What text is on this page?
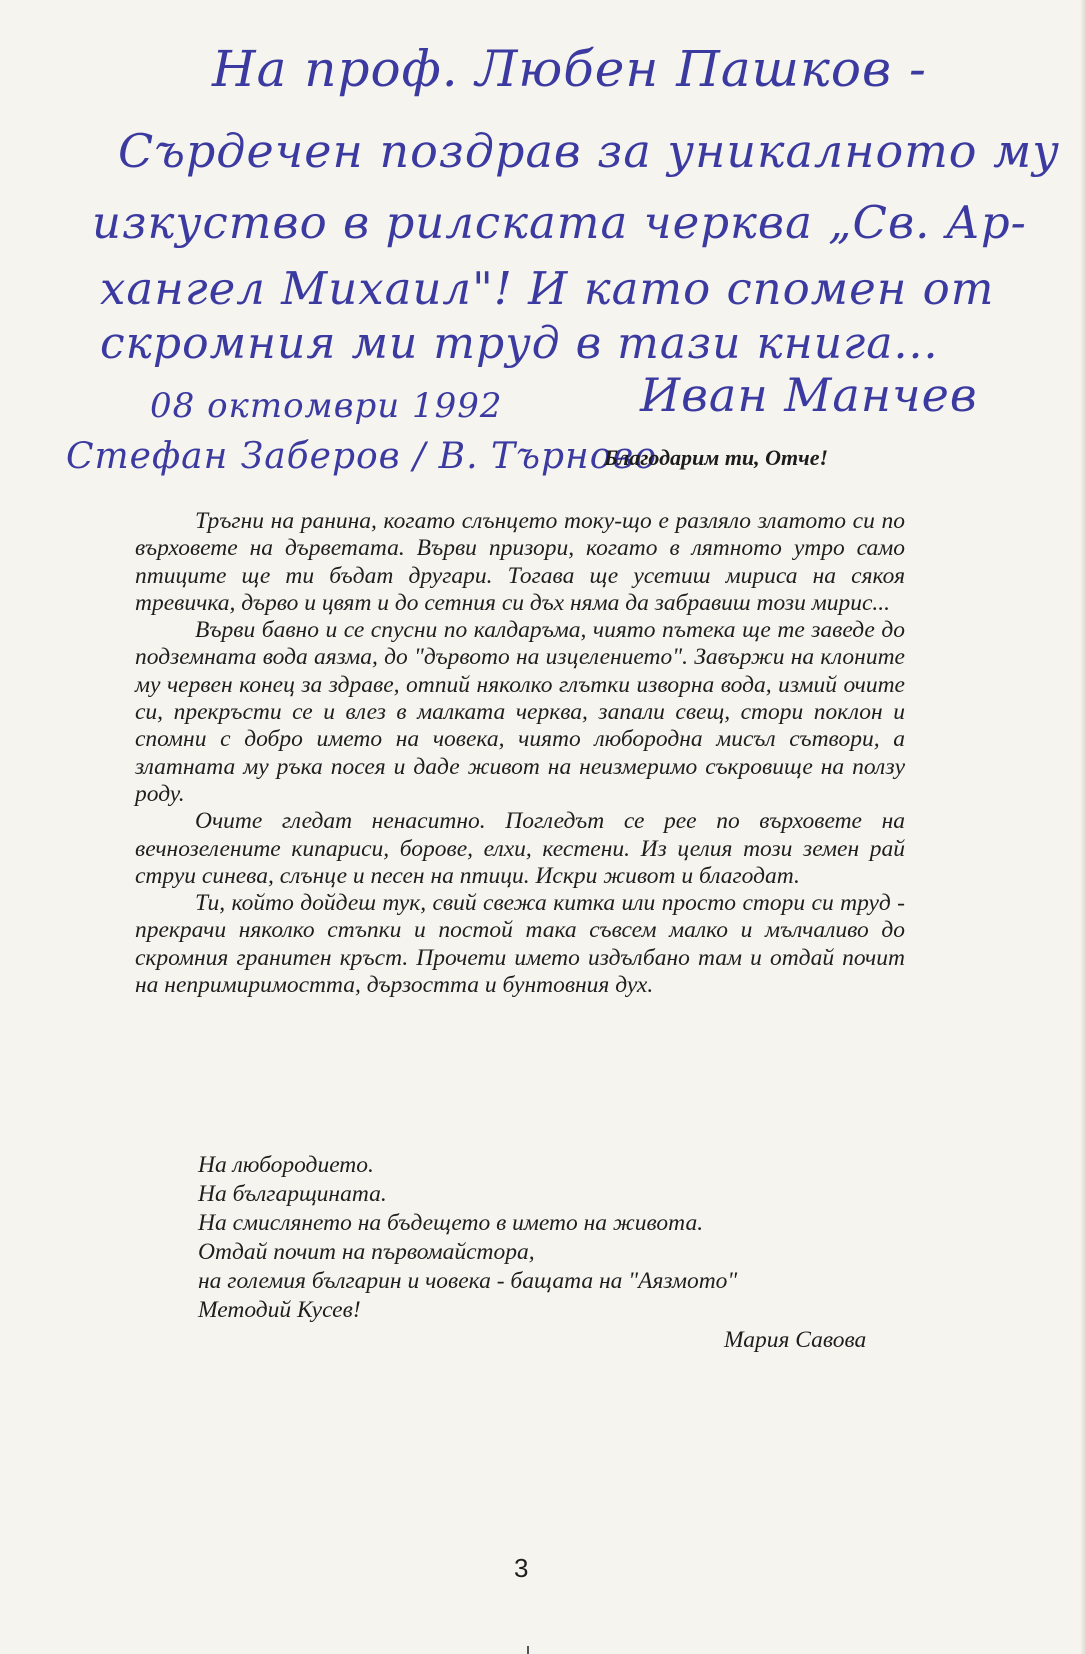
На проф. Любен Пашков -
Сърдечен поздрав за уникалното му
изкуство в рилската черква „Св. Ар-
хангел Михаил"! И като спомен от
скромния ми труд в тази книга...
Иван Манчев
08 октомври 1992
Стефан Заберов / В. Търново
Благодарим ти, Отче!

Тръгни на ранина, когато слънцето току-що е разляло златото си по върховете на дърветата. Върви призори, когато в лятното утро само птиците ще ти бъдат другари. Тогава ще усетиш мириса на сякоя тревичка, дърво и цвят и до сетния си дъх няма да забравиш този мирис...

Върви бавно и се спусни по калдаръма, чиято пътека ще те заведе до подземната вода аязма, до "дървото на изцелението". Завържи на клоните му червен конец за здраве, отпий няколко глътки изворна вода, измий очите си, прекръсти се и влез в малката черква, запали свещ, стори поклон и спомни с добро името на човека, чиято любородна мисъл сътвори, а златната му ръка посея и даде живот на неизмеримо съкровище на ползу роду.

Очите гледат ненаситно. Погледът се рее по върховете на вечнозелените кипариси, борове, елхи, кестени. Из целия този земен рай струи синева, слънце и песен на птици. Искри живот и благодат.

Ти, който дойдеш тук, свий свежа китка или просто стори си труд - прекрачи няколко стъпки и постой така съвсем малко и мълчаливо до скромния гранитен кръст. Прочети името издълбано там и отдай почит на непримиримостта, дързостта и бунтовния дух.

На любородието.
На българщината.
На смислянето на бъдещето в името на живота.
Отдай почит на първомайстора,
на големия българин и човека - бащата на "Аязмото"
Методий Кусев!
Мария Савова
3
